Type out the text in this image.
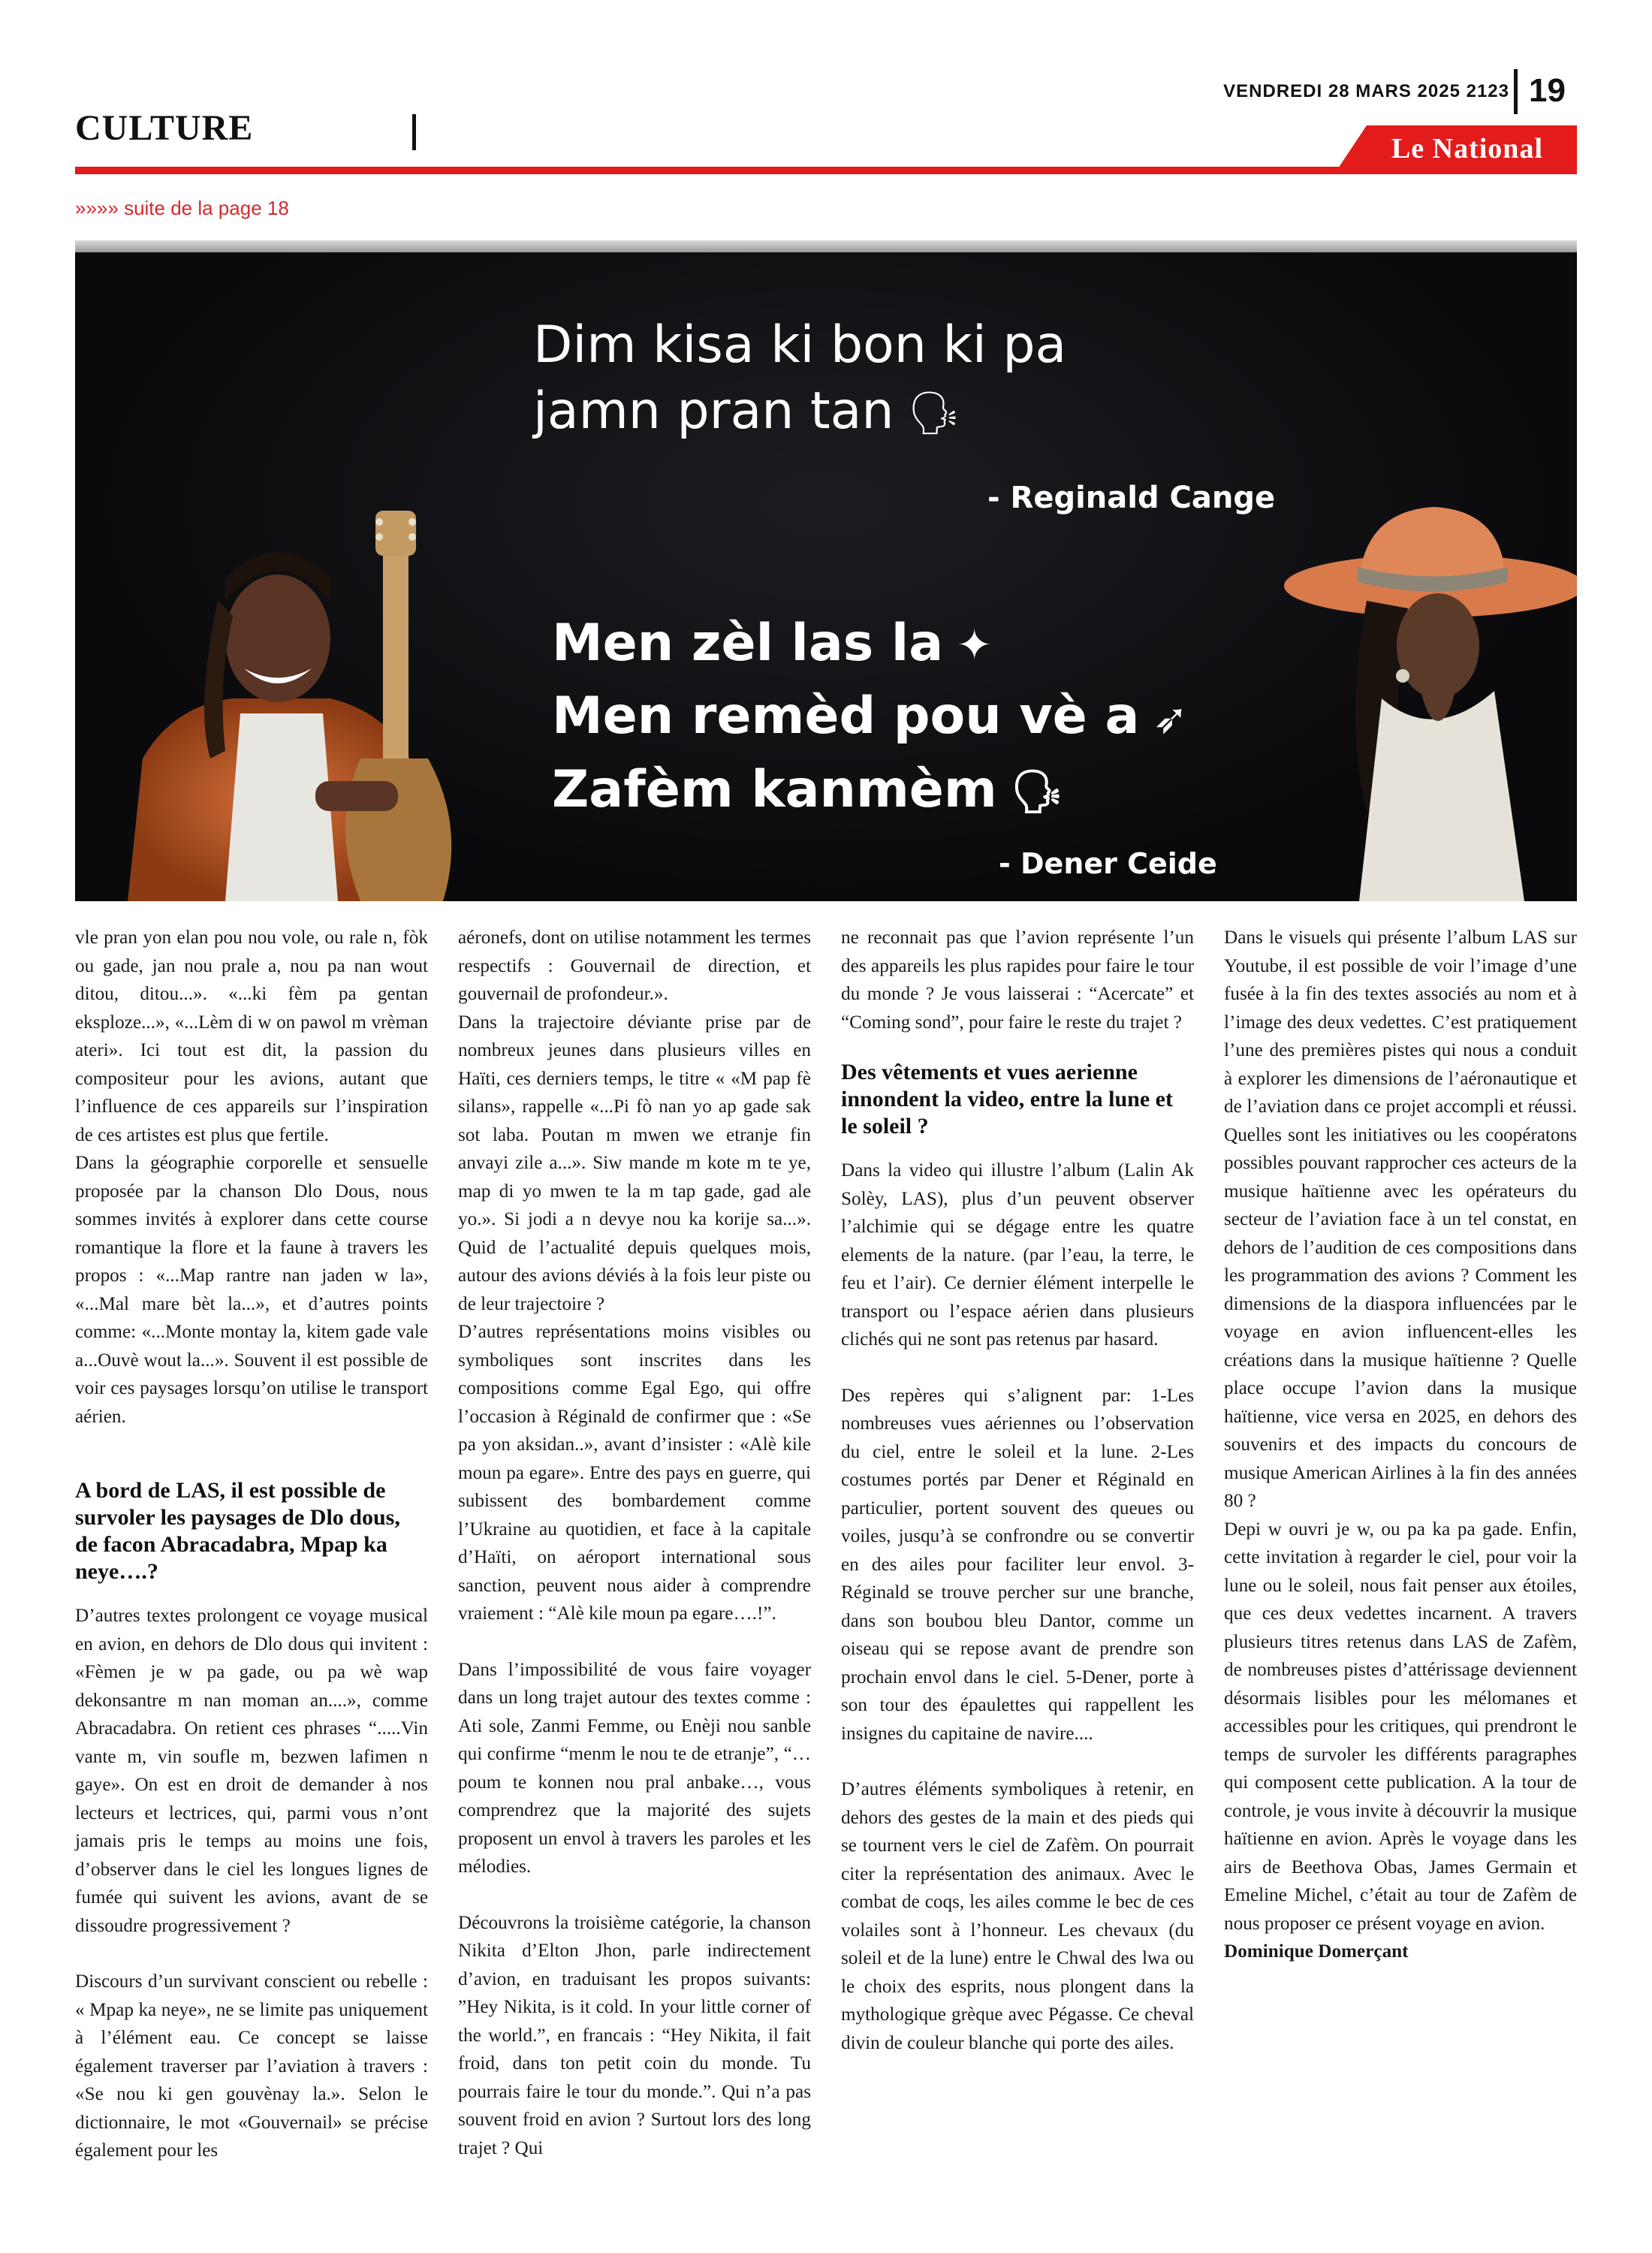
CULTURE
VENDREDI 28 MARS 2025 2123 19
Le National
»»»» suite de la page 18
Dim kisa ki bon ki pa
jamn pran tan 🗣
- Reginald Cange
Men zèl las la ✦
Men remèd pou vè a ➶
Zafèm kanmèm 🗣
- Dener Ceide

vle pran yon elan pou nou vole, ou rale n, fòk ou gade, jan nou prale a, nou pa nan wout ditou, ditou...». «...ki fèm pa gentan eksploze...», «...Lèm di w on pawol m vrèman ateri». Ici tout est dit, la passion du compositeur pour les avions, autant que l’influence de ces appareils sur l’inspiration de ces artistes est plus que fertile.

Dans la géographie corporelle et sensuelle proposée par la chanson Dlo Dous, nous sommes invités à explorer dans cette course romantique la flore et la faune à travers les propos : «...Map rantre nan jaden w la», «...Mal mare bèt la...», et d’autres points comme: «...Monte montay la, kitem gade vale a...Ouvè wout la...». Souvent il est possible de voir ces paysages lorsqu’on utilise le transport aérien.

A bord de LAS, il est possible de survoler les paysages de Dlo dous, de facon Abracadabra, Mpap ka neye….?

D’autres textes prolongent ce voyage musical en avion, en dehors de Dlo dous qui invitent : «Fèmen je w pa gade, ou pa wè wap dekonsantre m nan moman an....», comme Abracadabra. On retient ces phrases “.....Vin vante m, vin soufle m, bezwen lafimen n gaye». On est en droit de demander à nos lecteurs et lectrices, qui, parmi vous n’ont jamais pris le temps au moins une fois, d’observer dans le ciel les longues lignes de fumée qui suivent les avions, avant de se dissoudre progressivement ?

Discours d’un survivant conscient ou rebelle : « Mpap ka neye», ne se limite pas uniquement à l’élément eau. Ce concept se laisse également traverser par l’aviation à travers : «Se nou ki gen gouvènay la.». Selon le dictionnaire, le mot «Gouvernail» se précise également pour les

aéronefs, dont on utilise notamment les termes respectifs : Gouvernail de direction, et gouvernail de profondeur.».

Dans la trajectoire déviante prise par de nombreux jeunes dans plusieurs villes en Haïti, ces derniers temps, le titre « «M pap fè silans», rappelle «...Pi fò nan yo ap gade sak sot laba. Poutan m mwen we etranje fin anvayi zile a...». Siw mande m kote m te ye, map di yo mwen te la m tap gade, gad ale yo.». Si jodi a n devye nou ka korije sa...». Quid de l’actualité depuis quelques mois, autour des avions déviés à la fois leur piste ou de leur trajectoire ?

D’autres représentations moins visibles ou symboliques sont inscrites dans les compositions comme Egal Ego, qui offre l’occasion à Réginald de confirmer que : «Se pa yon aksidan..», avant d’insister : «Alè kile moun pa egare». Entre des pays en guerre, qui subissent des bombardement comme l’Ukraine au quotidien, et face à la capitale d’Haïti, on aéroport international sous sanction, peuvent nous aider à comprendre vraiement : “Alè kile moun pa egare….!”.

Dans l’impossibilité de vous faire voyager dans un long trajet autour des textes comme : Ati sole, Zanmi Femme, ou Enèji nou sanble qui confirme “menm le nou te de etranje”, “…poum te konnen nou pral anbake…, vous comprendrez que la majorité des sujets proposent un envol à travers les paroles et les mélodies.

Découvrons la troisième catégorie, la chanson Nikita d’Elton Jhon, parle indirectement d’avion, en traduisant les propos suivants: ”Hey Nikita, is it cold. In your little corner of the world.”, en francais : “Hey Nikita, il fait froid, dans ton petit coin du monde. Tu pourrais faire le tour du monde.”. Qui n’a pas souvent froid en avion ? Surtout lors des long trajet ? Qui

ne reconnait pas que l’avion représente l’un des appareils les plus rapides pour faire le tour du monde ? Je vous laisserai : “Acercate” et “Coming sond”, pour faire le reste du trajet ?

Des vêtements et vues aerienne innondent la video, entre la lune et le soleil ?

Dans la video qui illustre l’album (Lalin Ak Solèy, LAS), plus d’un peuvent observer l’alchimie qui se dégage entre les quatre elements de la nature. (par l’eau, la terre, le feu et l’air). Ce dernier élément interpelle le transport ou l’espace aérien dans plusieurs clichés qui ne sont pas retenus par hasard.

Des repères qui s’alignent par: 1-Les nombreuses vues aériennes ou l’observation du ciel, entre le soleil et la lune. 2-Les costumes portés par Dener et Réginald en particulier, portent souvent des queues ou voiles, jusqu’à se confrondre ou se convertir en des ailes pour faciliter leur envol. 3-Réginald se trouve percher sur une branche, dans son boubou bleu Dantor, comme un oiseau qui se repose avant de prendre son prochain envol dans le ciel. 5-Dener, porte à son tour des épaulettes qui rappellent les insignes du capitaine de navire....

D’autres éléments symboliques à retenir, en dehors des gestes de la main et des pieds qui se tournent vers le ciel de Zafèm. On pourrait citer la représentation des animaux. Avec le combat de coqs, les ailes comme le bec de ces volailes sont à l’honneur. Les chevaux (du soleil et de la lune) entre le Chwal des lwa ou le choix des esprits, nous plongent dans la mythologique grèque avec Pégasse. Ce cheval divin de couleur blanche qui porte des ailes.

Dans le visuels qui présente l’album LAS sur Youtube, il est possible de voir l’image d’une fusée à la fin des textes associés au nom et à l’image des deux vedettes. C’est pratiquement l’une des premières pistes qui nous a conduit à explorer les dimensions de l’aéronautique et de l’aviation dans ce projet accompli et réussi. Quelles sont les initiatives ou les coopératons possibles pouvant rapprocher ces acteurs de la musique haïtienne avec les opérateurs du secteur de l’aviation face à un tel constat, en dehors de l’audition de ces compositions dans les programmation des avions ? Comment les dimensions de la diaspora influencées par le voyage en avion influencent-elles les créations dans la musique haïtienne ? Quelle place occupe l’avion dans la musique haïtienne, vice versa en 2025, en dehors des souvenirs et des impacts du concours de musique American Airlines à la fin des années 80 ?

Depi w ouvri je w, ou pa ka pa gade. Enfin, cette invitation à regarder le ciel, pour voir la lune ou le soleil, nous fait penser aux étoiles, que ces deux vedettes incarnent. A travers plusieurs titres retenus dans LAS de Zafèm, de nombreuses pistes d’attérissage deviennent désormais lisibles pour les mélomanes et accessibles pour les critiques, qui prendront le temps de survoler les différents paragraphes qui composent cette publication. A la tour de controle, je vous invite à découvrir la musique haïtienne en avion. Après le voyage dans les airs de Beethova Obas, James Germain et Emeline Michel, c’était au tour de Zafèm de nous proposer ce présent voyage en avion.

Dominique Domerçant
